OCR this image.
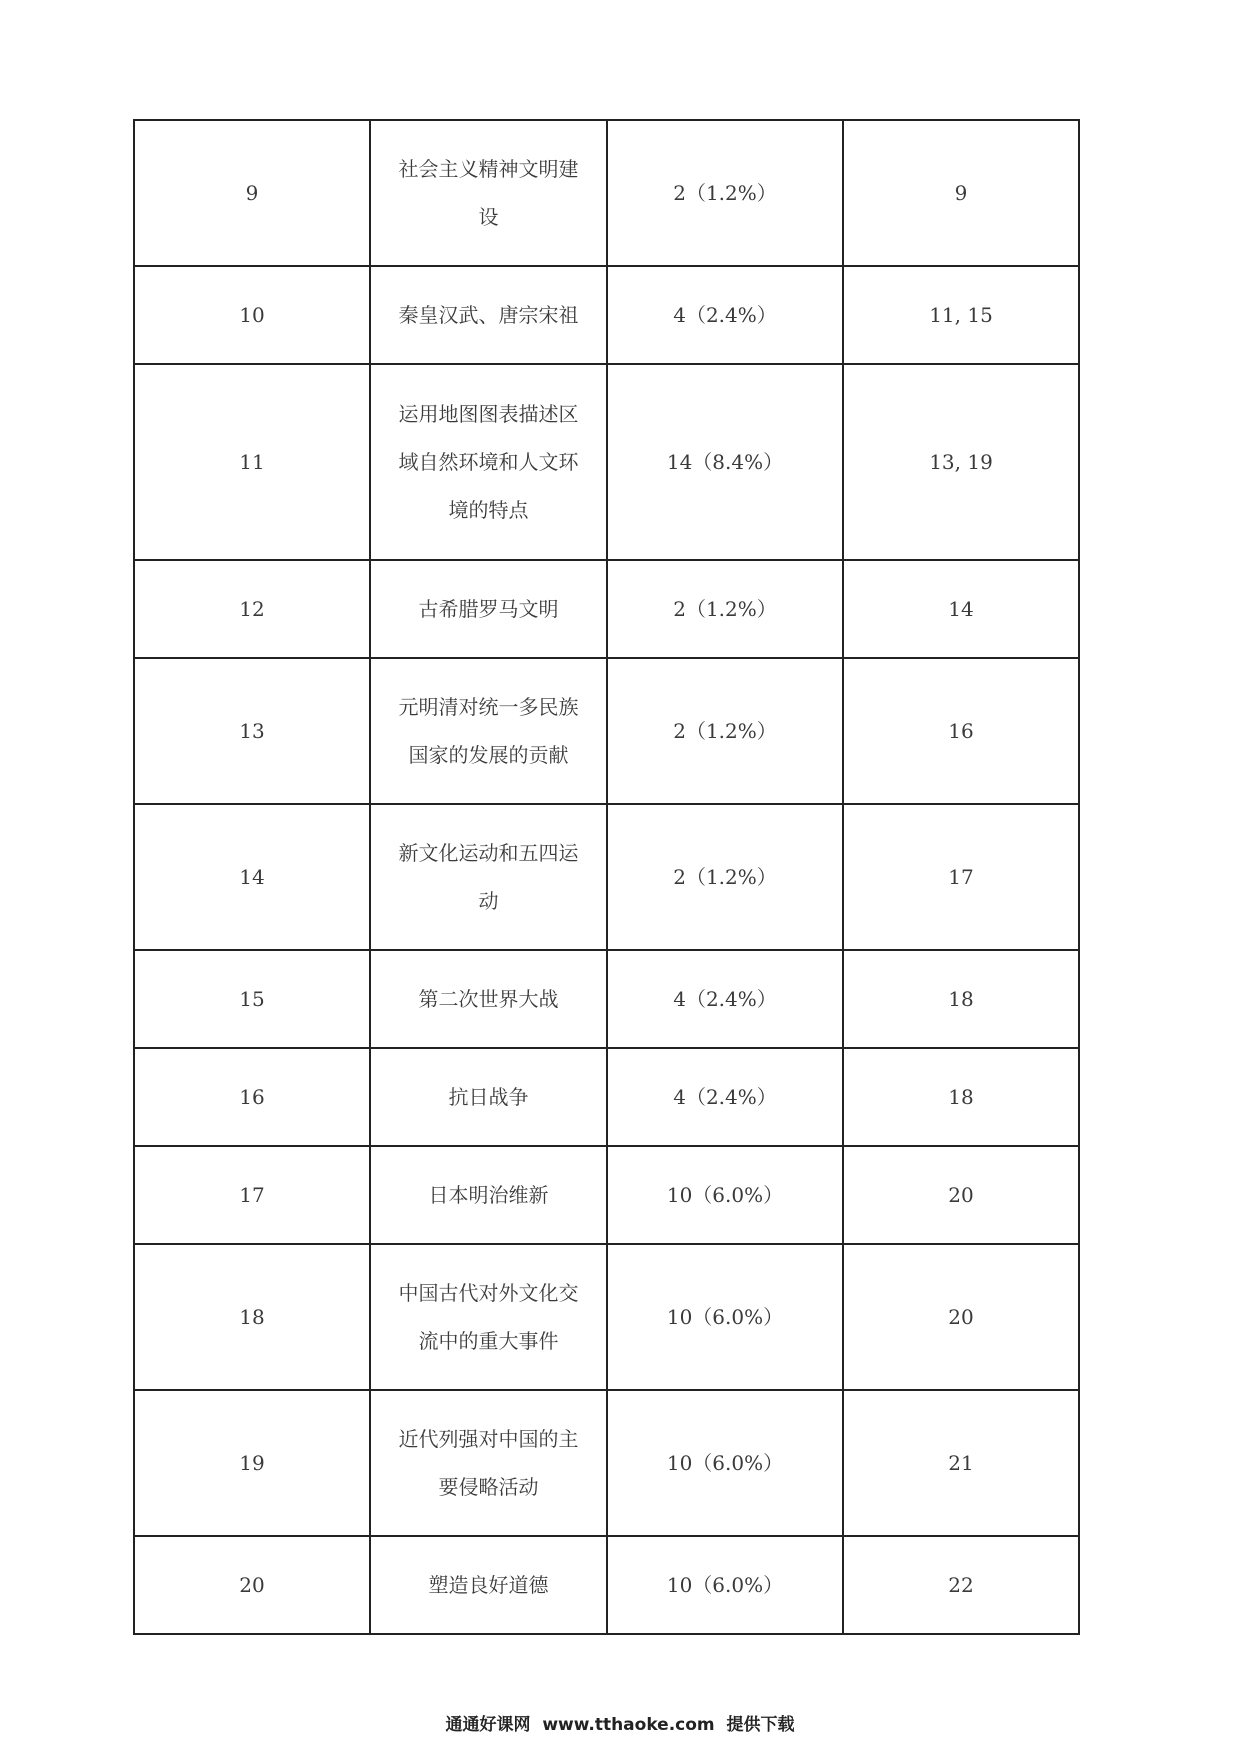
9	社会主义精神文明建设	2（1.2%）	9
10	秦皇汉武、唐宗宋祖	4（2.4%）	11, 15
11	运用地图图表描述区域自然环境和人文环境的特点	14（8.4%）	13, 19
12	古希腊罗马文明	2（1.2%）	14
13	元明清对统一多民族国家的发展的贡献	2（1.2%）	16
14	新文化运动和五四运动	2（1.2%）	17
15	第二次世界大战	4（2.4%）	18
16	抗日战争	4（2.4%）	18
17	日本明治维新	10（6.0%）	20
18	中国古代对外文化交流中的重大事件	10（6.0%）	20
19	近代列强对中国的主要侵略活动	10（6.0%）	21
20	塑造良好道德	10（6.0%）	22
通通好课网  www.tthaoke.com  提供下载
